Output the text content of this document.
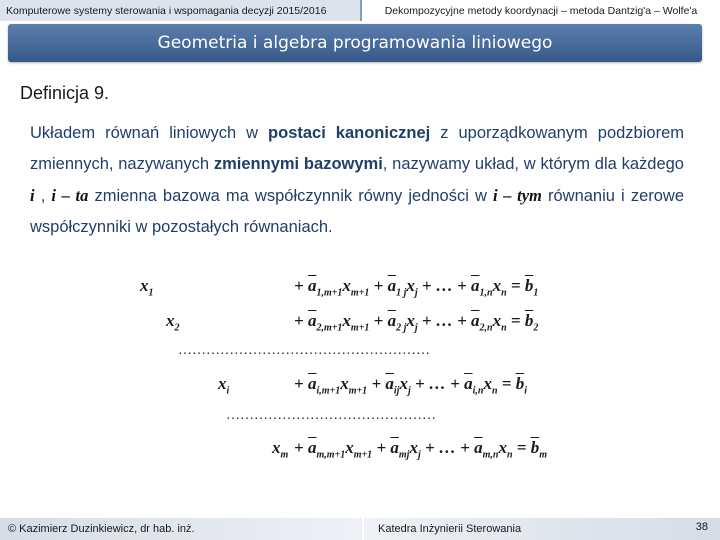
Komputerowe systemy sterowania i wspomagania decyzji 2015/2016	Dekompozycyjne metody koordynacji – metoda Dantzig'a – Wolfe'a
Geometria i algebra programowania liniowego
Definicja 9.
Układem równań liniowych w postaci kanonicznej z uporządkowanym podzbiorem zmiennych, nazywanych zmiennymi bazowymi, nazywamy układ, w którym dla każdego i , i – ta zmienna bazowa ma współczynnik równy jedności w i – tym równaniu i zerowe współczynniki w pozostałych równaniach.
$x_1$	+ $\overline{a}_{1,m+1}x_{m+1} + \overline{a}_{1 j}x_j$ + … + $\overline{a}_{1,n}x_n = \overline{b}_1$
$x_2$	+ $\overline{a}_{2,m+1}x_{m+1} + \overline{a}_{2 j}x_j$ + … + $\overline{a}_{2,n}x_n = \overline{b}_2$
………………………………………………
$x_i$	+ $\overline{a}_{i,m+1}x_{m+1} + \overline{a}_{ij}x_j$ + … + $\overline{a}_{i,n}x_n = \overline{b}_i$
………………………………………
$x_m + \overline{a}_{m,m+1}x_{m+1} + \overline{a}_{mj}x_j$ + … + $\overline{a}_{m,n}x_n = \overline{b}_m$
© Kazimierz Duzinkiewicz, dr hab. inż.	Katedra Inżynierii Sterowania	38
